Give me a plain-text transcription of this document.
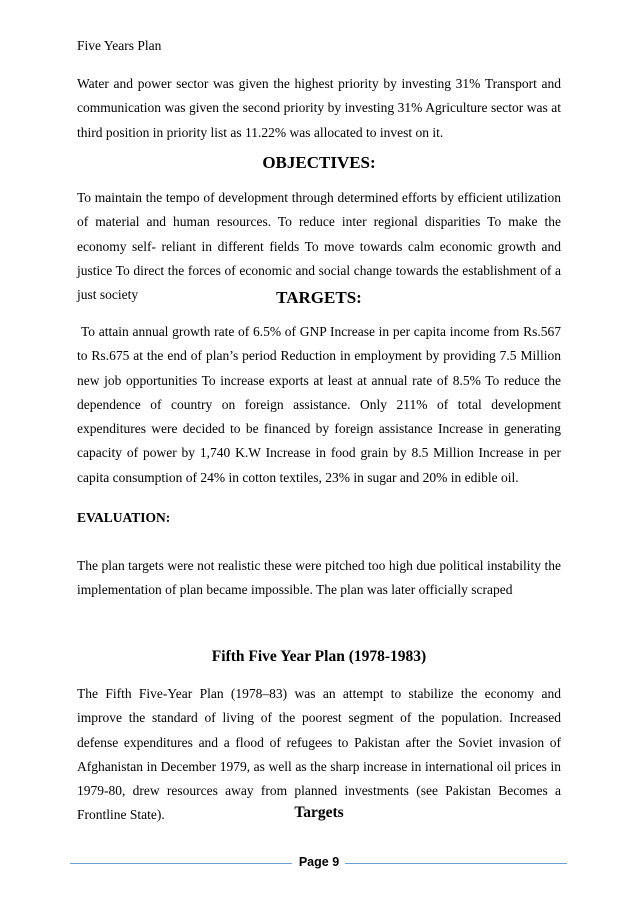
Five Years Plan

Water and power sector was given the highest priority by investing 31% Transport and communication was given the second priority by investing 31% Agriculture sector was at third position in priority list as 11.22% was allocated to invest on it.

OBJECTIVES:

To maintain the tempo of development through determined efforts by efficient utilization of material and human resources. To reduce inter regional disparities To make the economy self- reliant in different fields To move towards calm economic growth and justice To direct the forces of economic and social change towards the establishment of a just society	TARGETS:

To attain annual growth rate of 6.5% of GNP Increase in per capita income from Rs.567 to Rs.675 at the end of plan’s period Reduction in employment by providing 7.5 Million new job opportunities To increase exports at least at annual rate of 8.5% To reduce the dependence of country on foreign assistance. Only 211% of total development expenditures were decided to be financed by foreign assistance Increase in generating capacity of power by 1,740 K.W Increase in food grain by 8.5 Million Increase in per capita consumption of 24% in cotton textiles, 23% in sugar and 20% in edible oil.

EVALUATION:

The plan targets were not realistic these were pitched too high due political instability the implementation of plan became impossible. The plan was later officially scraped

Fifth Five Year Plan (1978-1983)

The Fifth Five-Year Plan (1978–83) was an attempt to stabilize the economy and improve the standard of living of the poorest segment of the population. Increased defense expenditures and a flood of refugees to Pakistan after the Soviet invasion of Afghanistan in December 1979, as well as the sharp increase in international oil prices in 1979-80, drew resources away from planned investments (see Pakistan Becomes a Frontline State).	Targets
Page 9
